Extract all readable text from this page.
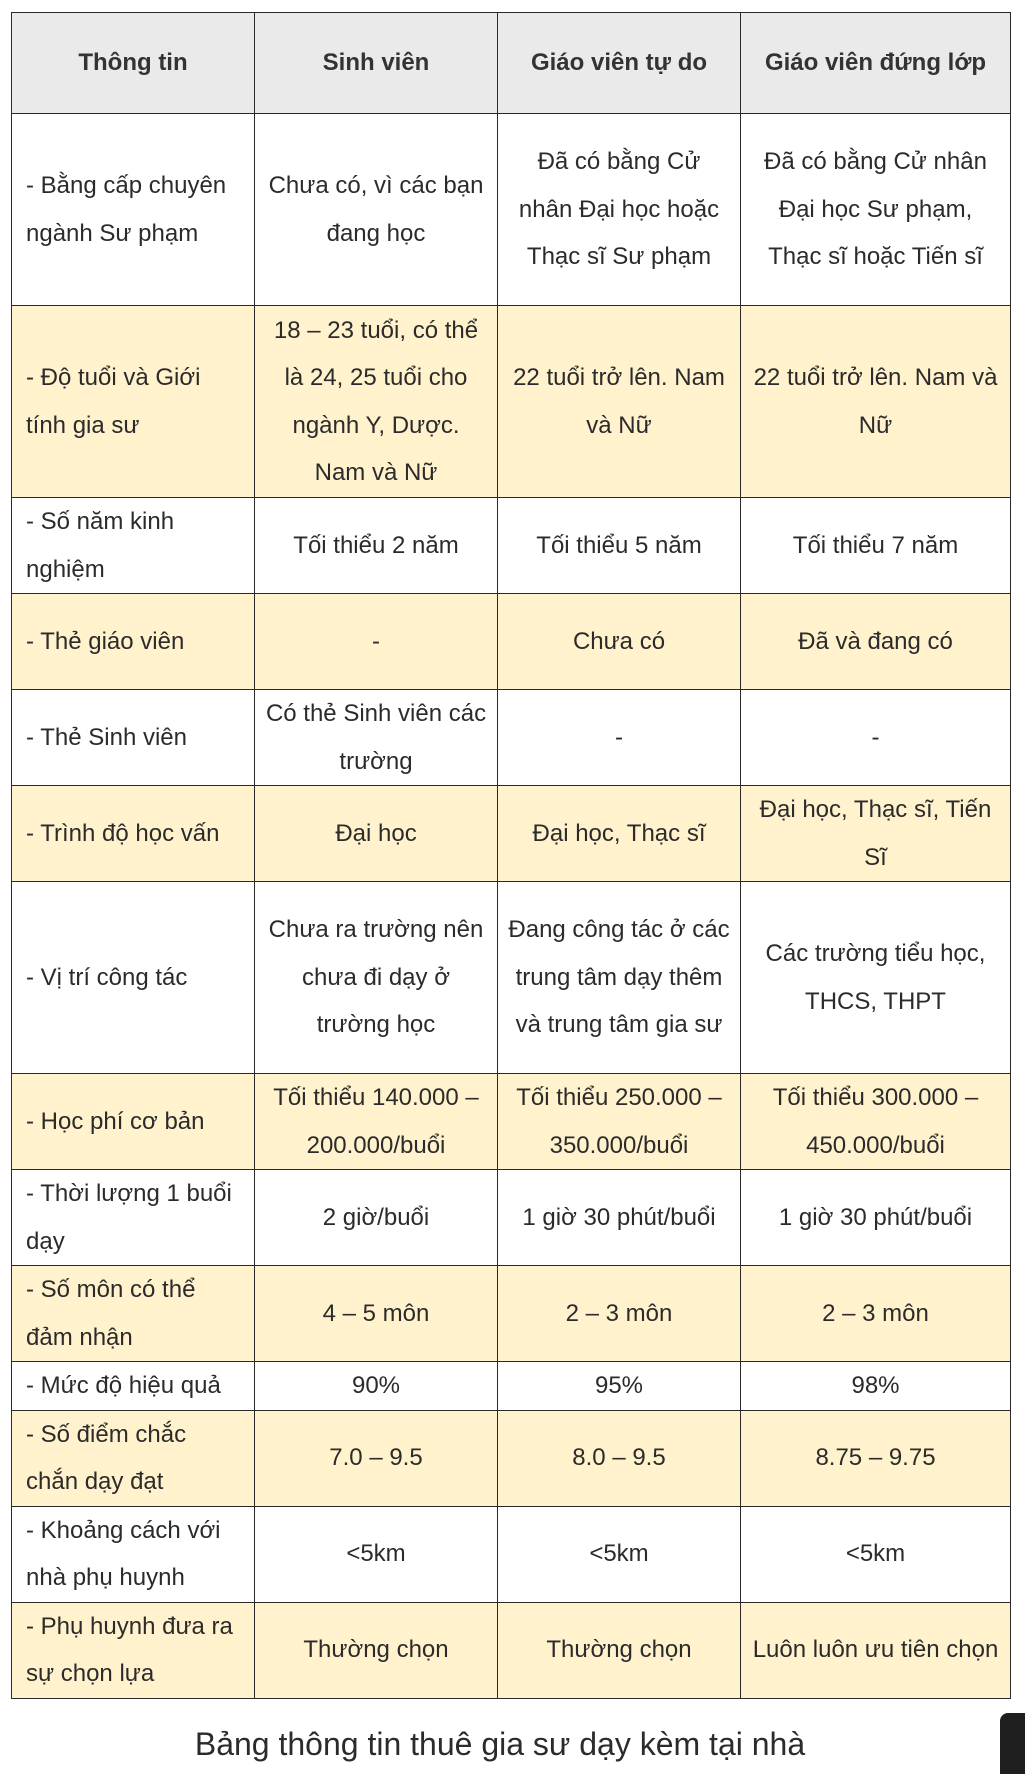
Thông tin	Sinh viên	Giáo viên tự do	Giáo viên đứng lớp
- Bằng cấp chuyên ngành Sư phạm	Chưa có, vì các bạn đang học	Đã có bằng Cử nhân Đại học hoặc Thạc sĩ Sư phạm	Đã có bằng Cử nhân Đại học Sư phạm, Thạc sĩ hoặc Tiến sĩ
- Độ tuổi và Giới tính gia sư	18 – 23 tuổi, có thể là 24, 25 tuổi cho ngành Y, Dược. Nam và Nữ	22 tuổi trở lên. Nam và Nữ	22 tuổi trở lên. Nam và Nữ
- Số năm kinh nghiệm	Tối thiểu 2 năm	Tối thiểu 5 năm	Tối thiểu 7 năm
- Thẻ giáo viên	-	Chưa có	Đã và đang có
- Thẻ Sinh viên	Có thẻ Sinh viên các trường	-	-
- Trình độ học vấn	Đại học	Đại học, Thạc sĩ	Đại học, Thạc sĩ, Tiến Sĩ
- Vị trí công tác	Chưa ra trường nên chưa đi dạy ở trường học	Đang công tác ở các trung tâm dạy thêm và trung tâm gia sư	Các trường tiểu học, THCS, THPT
- Học phí cơ bản	Tối thiểu 140.000 – 200.000/buổi	Tối thiểu 250.000 – 350.000/buổi	Tối thiểu 300.000 – 450.000/buổi
- Thời lượng 1 buổi dạy	2 giờ/buổi	1 giờ 30 phút/buổi	1 giờ 30 phút/buổi
- Số môn có thể đảm nhận	4 – 5 môn	2 – 3 môn	2 – 3 môn
- Mức độ hiệu quả	90%	95%	98%
- Số điểm chắc chắn dạy đạt	7.0 – 9.5	8.0 – 9.5	8.75 – 9.75
- Khoảng cách với nhà phụ huynh	<5km	<5km	<5km
- Phụ huynh đưa ra sự chọn lựa	Thường chọn	Thường chọn	Luôn luôn ưu tiên chọn
Bảng thông tin thuê gia sư dạy kèm tại nhà
